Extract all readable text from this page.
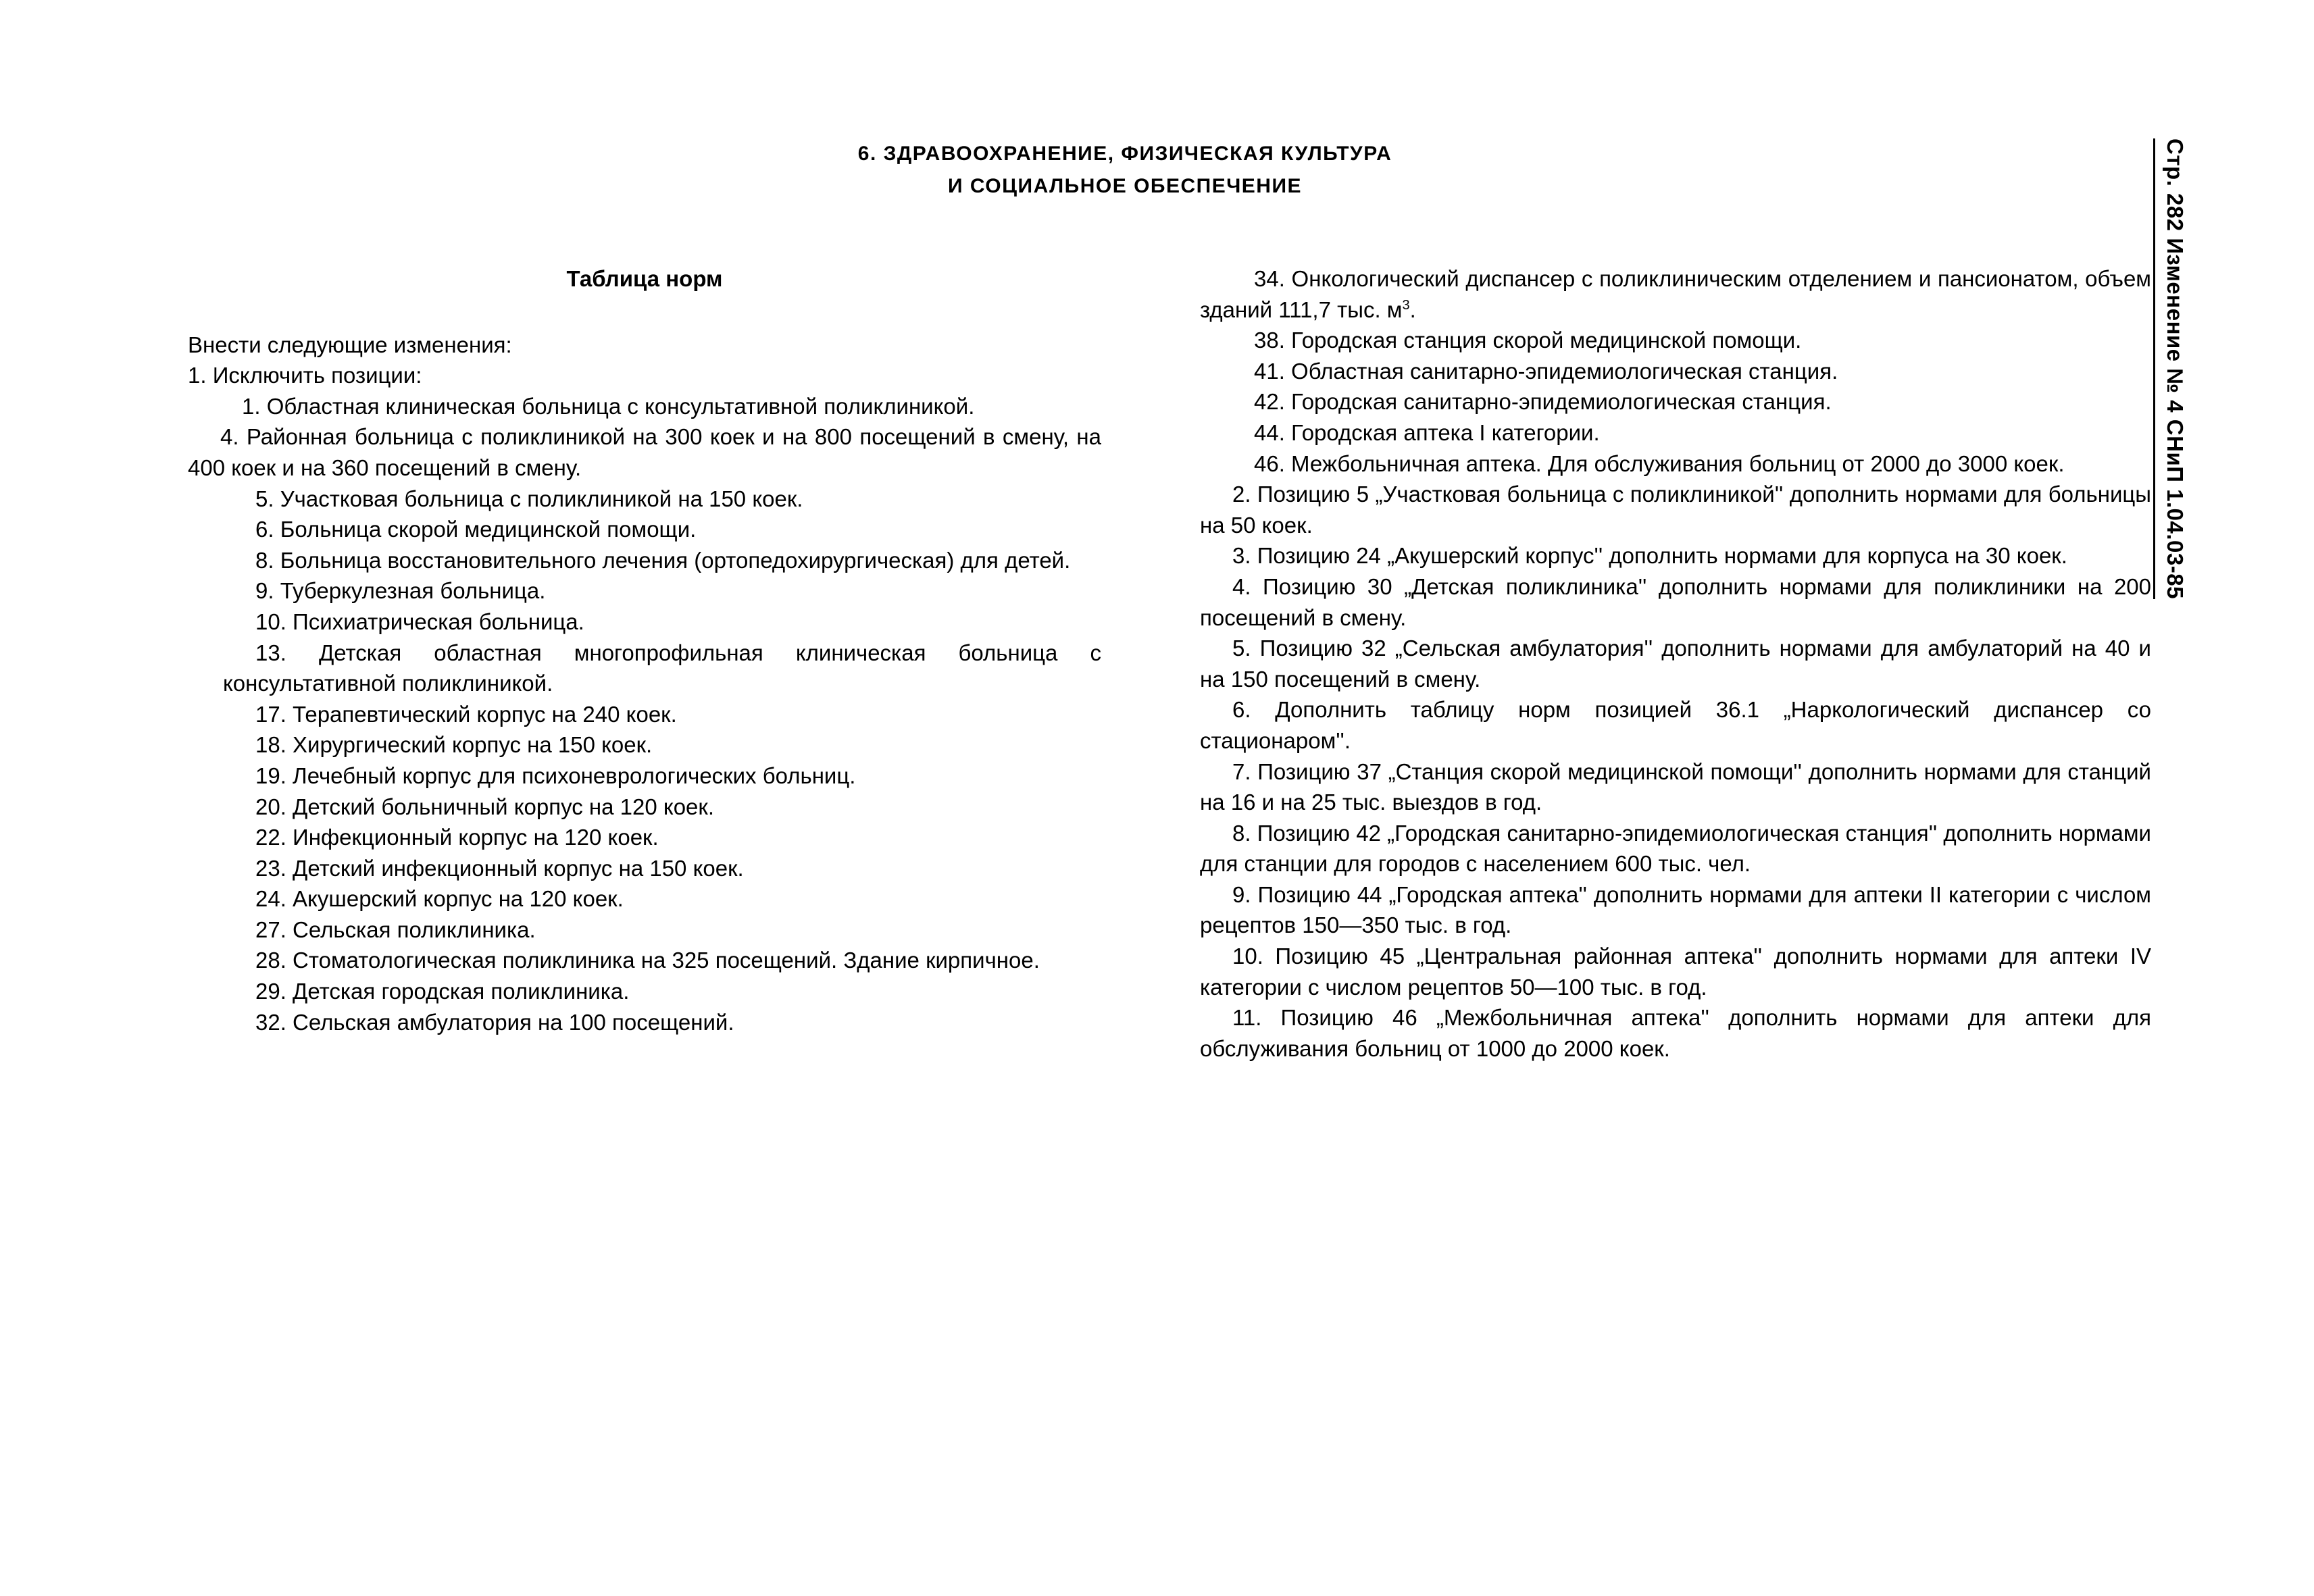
6. ЗДРАВООХРАНЕНИЕ, ФИЗИЧЕСКАЯ КУЛЬТУРА
И СОЦИАЛЬНОЕ ОБЕСПЕЧЕНИЕ	Стр. 282 Изменение № 4 СНиП 1.04.03-85
Таблица норм

Внести следующие изменения:

1. Исключить позиции:

1. Областная клиническая больница с консультативной поликлиникой.

4. Районная больница с поликлиникой на 300 коек и на 800 посещений в смену, на 400 коек и на 360 посещений в смену.

5. Участковая больница с поликлиникой на 150 коек.

6. Больница скорой медицинской помощи.

8. Больница восстановительного лечения (ортопедохирургическая) для детей.

9. Туберкулезная больница.

10. Психиатрическая больница.

13. Детская областная многопрофильная клиническая больница с консультативной поликлиникой.

17. Терапевтический корпус на 240 коек.

18. Хирургический корпус на 150 коек.

19. Лечебный корпус для психоневрологических больниц.

20. Детский больничный корпус на 120 коек.

22. Инфекционный корпус на 120 коек.

23. Детский инфекционный корпус на 150 коек.

24. Акушерский корпус на 120 коек.

27. Сельская поликлиника.

28. Стоматологическая поликлиника на 325 посещений. Здание кирпичное.

29. Детская городская поликлиника.

32. Сельская амбулатория на 100 посещений.

34. Онкологический диспансер с поликлиническим отделением и пансионатом, объем зданий 111,7 тыс. $м^3$.

38. Городская станция скорой медицинской помощи.

41. Областная санитарно-эпидемиологическая станция.

42. Городская санитарно-эпидемиологическая станция.

44. Городская аптека I категории.

46. Межбольничная аптека. Для обслуживания больниц от 2000 до 3000 коек.

2. Позицию 5 „Участковая больница с поликлиникой'' дополнить нормами для больницы на 50 коек.

3. Позицию 24 „Акушерский корпус'' дополнить нормами для корпуса на 30 коек.

4. Позицию 30 „Детская поликлиника'' дополнить нормами для поликлиники на 200 посещений в смену.

5. Позицию 32 „Сельская амбулатория'' дополнить нормами для амбулаторий на 40 и на 150 посещений в смену.

6. Дополнить таблицу норм позицией 36.1 „Наркологический диспансер со стационаром''.

7. Позицию 37 „Станция скорой медицинской помощи'' дополнить нормами для станций на 16 и на 25 тыс. выездов в год.

8. Позицию 42 „Городская санитарно-эпидемиологическая станция'' дополнить нормами для станции для городов с населением 600 тыс. чел.

9. Позицию 44 „Городская аптека'' дополнить нормами для аптеки II категории с числом рецептов 150—350 тыс. в год.

10. Позицию 45 „Центральная районная аптека'' дополнить нормами для аптеки IV категории с числом рецептов 50—100 тыс. в год.

11. Позицию 46 „Межбольничная аптека'' дополнить нормами для аптеки для обслуживания больниц от 1000 до 2000 коек.
